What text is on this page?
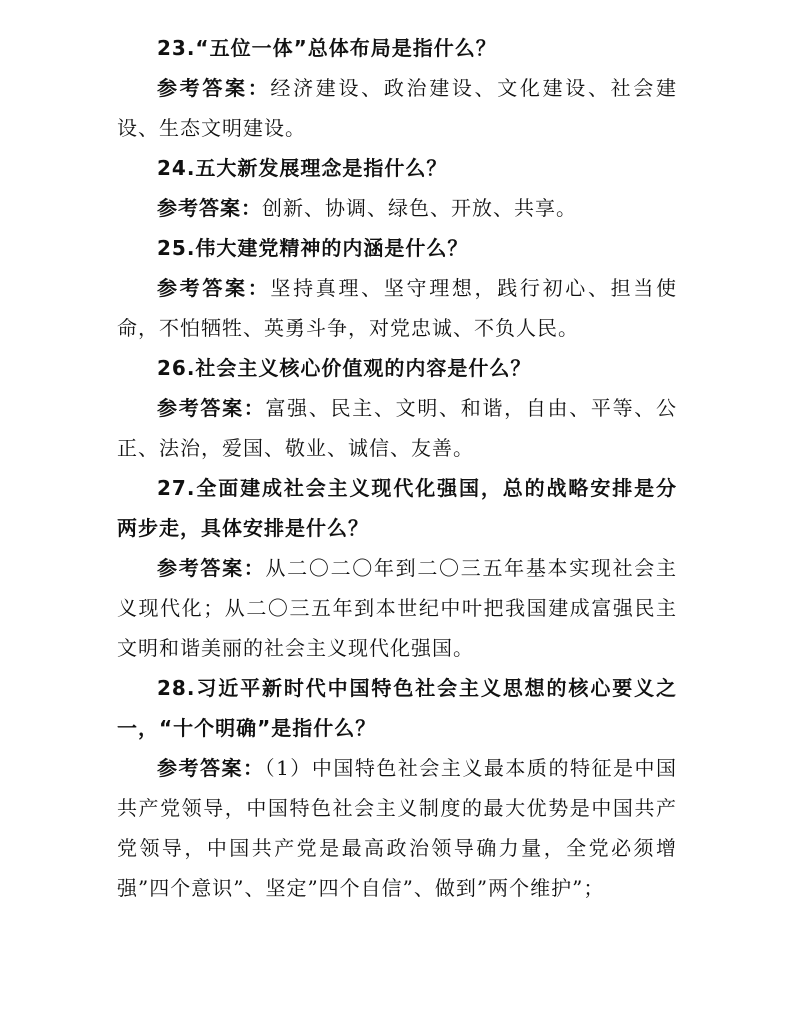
23.“五位一体”总体布局是指什么？

参考答案：经济建设、政治建设、文化建设、社会建设、生态文明建设。

24.五大新发展理念是指什么？

参考答案：创新、协调、绿色、开放、共享。

25.伟大建党精神的内涵是什么？

参考答案：坚持真理、坚守理想，践行初心、担当使命，不怕牺牲、英勇斗争，对党忠诚、不负人民。

26.社会主义核心价值观的内容是什么？

参考答案：富强、民主、文明、和谐，自由、平等、公正、法治，爱国、敬业、诚信、友善。

27.全面建成社会主义现代化强国，总的战略安排是分两步走，具体安排是什么？

参考答案：从二〇二〇年到二〇三五年基本实现社会主义现代化；从二〇三五年到本世纪中叶把我国建成富强民主文明和谐美丽的社会主义现代化强国。

28.习近平新时代中国特色社会主义思想的核心要义之一，“十个明确”是指什么？

参考答案：（1）中国特色社会主义最本质的特征是中国共产党领导，中国特色社会主义制度的最大优势是中国共产党领导，中国共产党是最高政治领导确力量，全党必须增强”四个意识”、坚定”四个自信”、做到”两个维护”；
